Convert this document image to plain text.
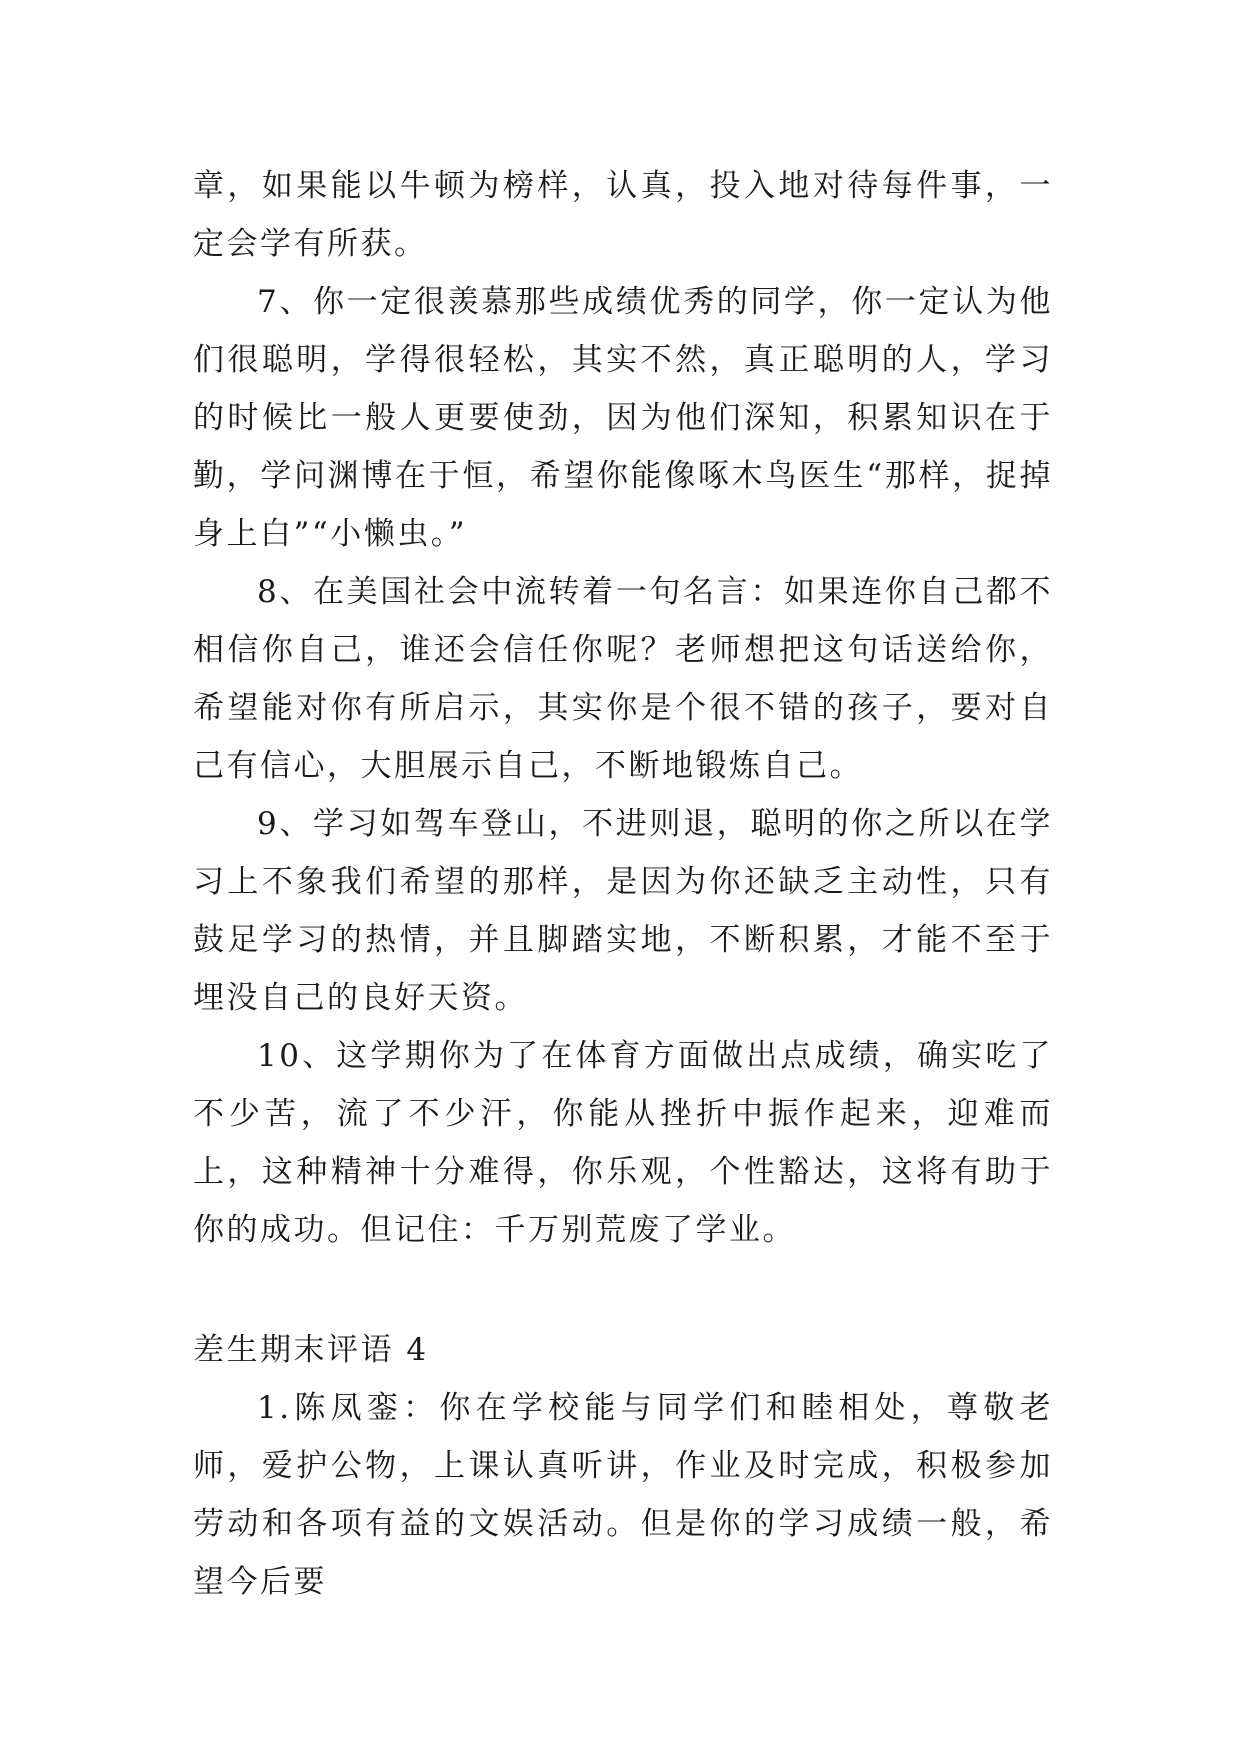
章，如果能以牛顿为榜样，认真，投入地对待每件事，一定会学有所获。

7、你一定很羡慕那些成绩优秀的同学，你一定认为他们很聪明，学得很轻松，其实不然，真正聪明的人，学习的时候比一般人更要使劲，因为他们深知，积累知识在于勤，学问渊博在于恒，希望你能像啄木鸟医生“那样，捉掉身上白”“小懒虫。”

8、在美国社会中流转着一句名言：如果连你自己都不相信你自己，谁还会信任你呢？老师想把这句话送给你，希望能对你有所启示，其实你是个很不错的孩子，要对自己有信心，大胆展示自己，不断地锻炼自己。

9、学习如驾车登山，不进则退，聪明的你之所以在学习上不象我们希望的那样，是因为你还缺乏主动性，只有鼓足学习的热情，并且脚踏实地，不断积累，才能不至于埋没自己的良好天资。

10、这学期你为了在体育方面做出点成绩，确实吃了不少苦，流了不少汗，你能从挫折中振作起来，迎难而上，这种精神十分难得，你乐观，个性豁达，这将有助于你的成功。但记住：千万别荒废了学业。

差生期末评语 4

1.陈凤銮：你在学校能与同学们和睦相处，尊敬老师，爱护公物，上课认真听讲，作业及时完成，积极参加劳动和各项有益的文娱活动。但是你的学习成绩一般，希望今后要
